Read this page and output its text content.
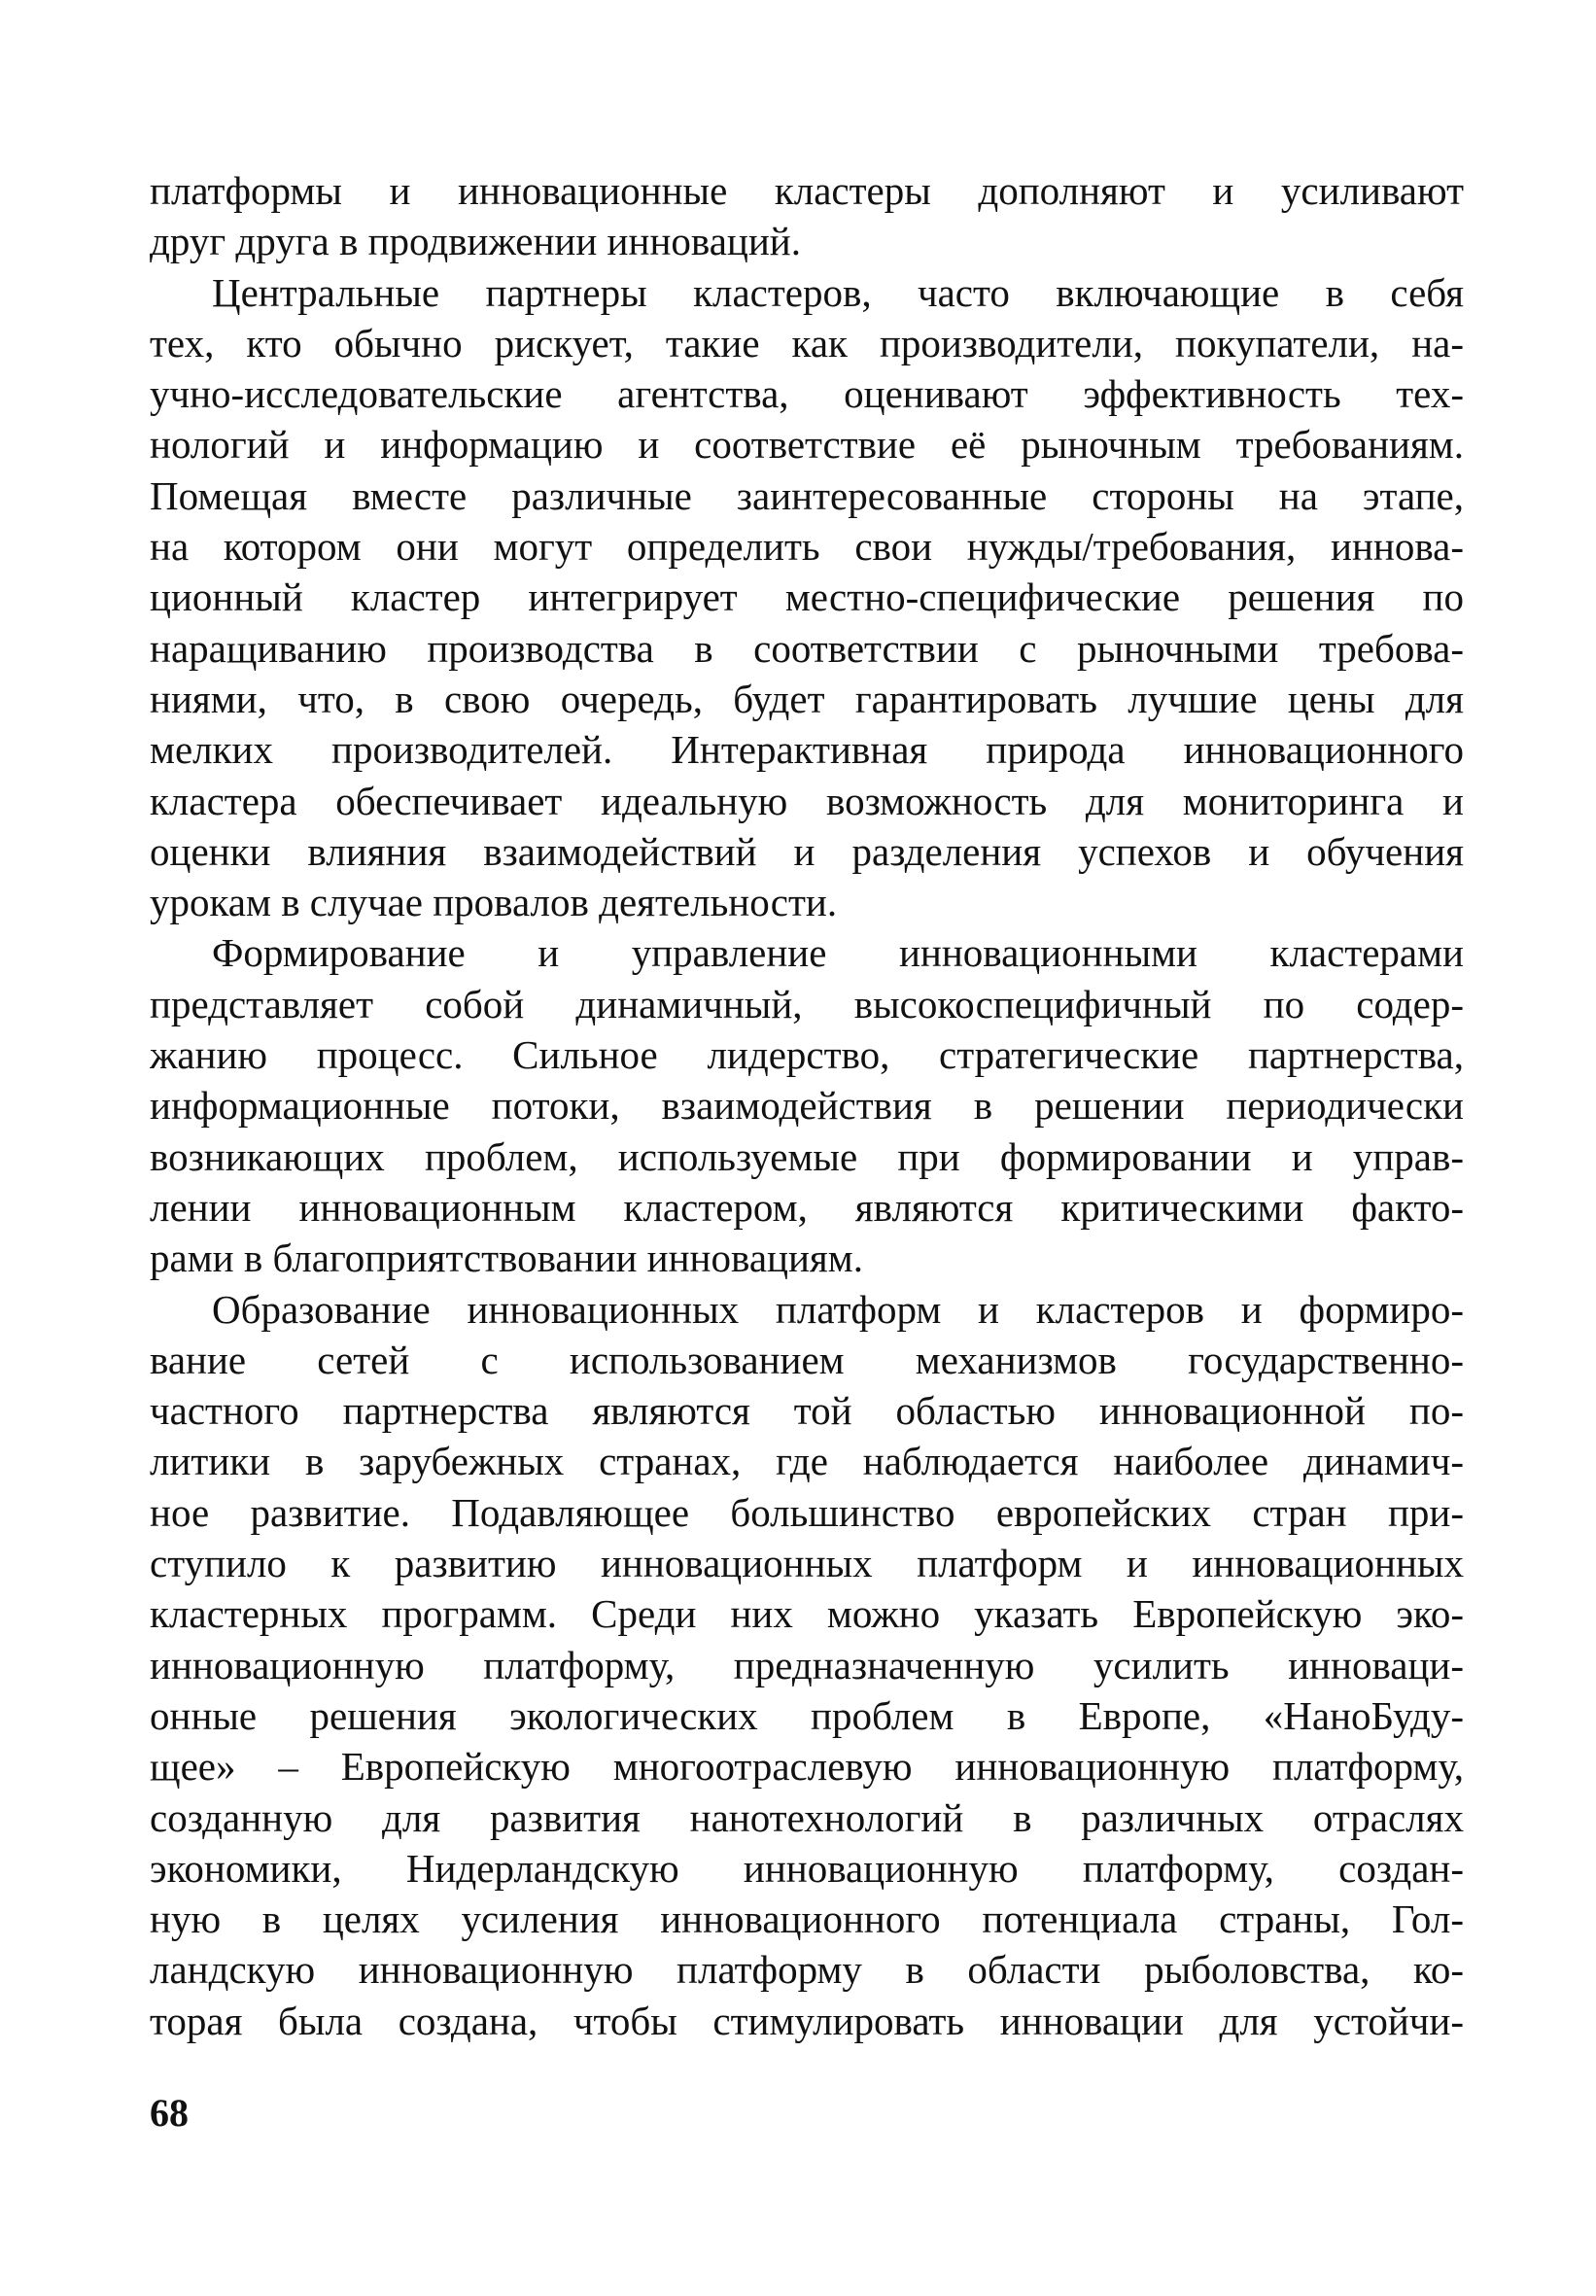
платформы и инновационные кластеры дополняют и усиливают
друг друга в продвижении инноваций.
Центральные партнеры кластеров, часто включающие в себя
тех, кто обычно рискует, такие как производители, покупатели, на-
учно-исследовательские агентства, оценивают эффективность тех-
нологий и информацию и соответствие её рыночным требованиям.
Помещая вместе различные заинтересованные стороны на этапе,
на котором они могут определить свои нужды/требования, иннова-
ционный кластер интегрирует местно-специфические решения по
наращиванию производства в соответствии с рыночными требова-
ниями, что, в свою очередь, будет гарантировать лучшие цены для
мелких производителей. Интерактивная природа инновационного
кластера обеспечивает идеальную возможность для мониторинга и
оценки влияния взаимодействий и разделения успехов и обучения
урокам в случае провалов деятельности.
Формирование и управление инновационными кластерами
представляет собой динамичный, высокоспецифичный по содер-
жанию процесс. Сильное лидерство, стратегические партнерства,
информационные потоки, взаимодействия в решении периодически
возникающих проблем, используемые при формировании и управ-
лении инновационным кластером, являются критическими факто-
рами в благоприятствовании инновациям.
Образование инновационных платформ и кластеров и формиро-
вание сетей с использованием механизмов государственно-
частного партнерства являются той областью инновационной по-
литики в зарубежных странах, где наблюдается наиболее динамич-
ное развитие. Подавляющее большинство европейских стран при-
ступило к развитию инновационных платформ и инновационных
кластерных программ. Среди них можно указать Европейскую эко-
инновационную платформу, предназначенную усилить инноваци-
онные решения экологических проблем в Европе, «НаноБуду-
щее» – Европейскую многоотраслевую инновационную платформу,
созданную для развития нанотехнологий в различных отраслях
экономики, Нидерландскую инновационную платформу, создан-
ную в целях усиления инновационного потенциала страны, Гол-
ландскую инновационную платформу в области рыболовства, ко-
торая была создана, чтобы стимулировать инновации для устойчи-
68
